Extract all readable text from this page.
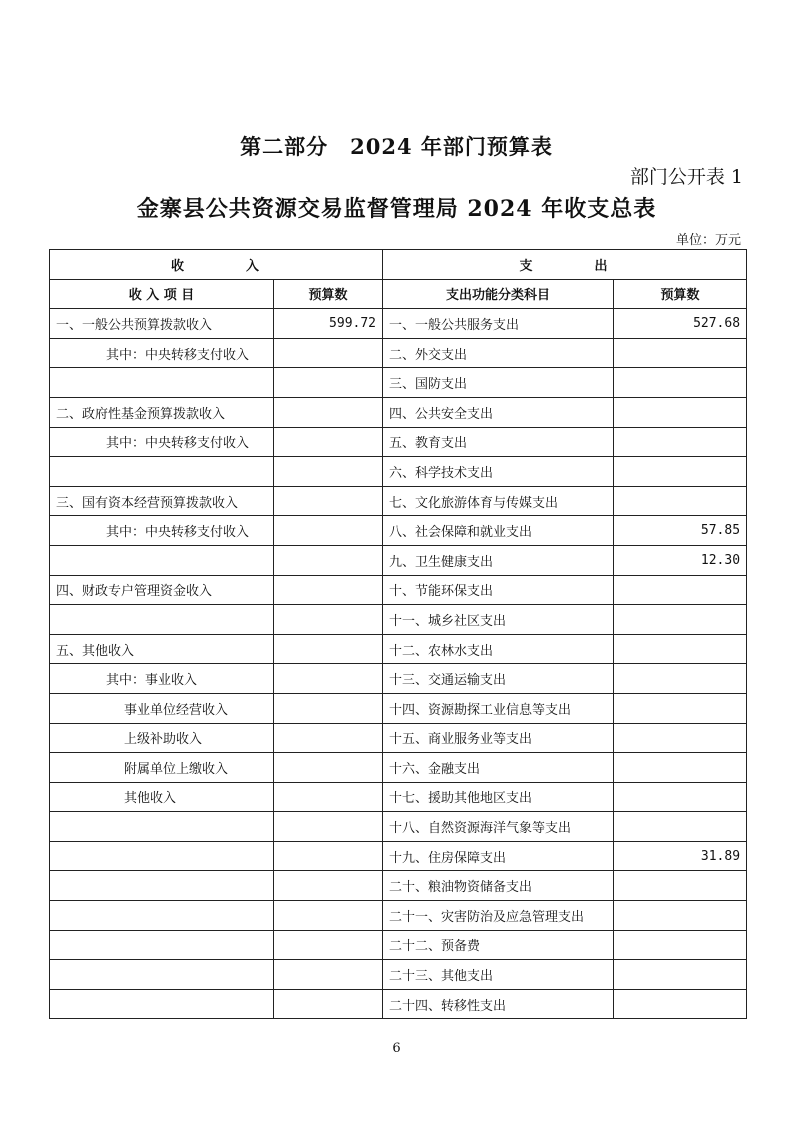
第二部分　2024 年部门预算表
部门公开表 1
金寨县公共资源交易监督管理局 2024 年收支总表
单位：万元
收　　　　入		支　　　　出	
收 入 项 目	预算数	支出功能分类科目	预算数
一、一般公共预算拨款收入	599.72	一、一般公共服务支出	527.68
其中：中央转移支付收入		二、外交支出	
		三、国防支出	
二、政府性基金预算拨款收入		四、公共安全支出	
其中：中央转移支付收入		五、教育支出	
		六、科学技术支出	
三、国有资本经营预算拨款收入		七、文化旅游体育与传媒支出	
其中：中央转移支付收入		八、社会保障和就业支出	57.85
		九、卫生健康支出	12.30
四、财政专户管理资金收入		十、节能环保支出	
		十一、城乡社区支出	
五、其他收入		十二、农林水支出	
其中：事业收入		十三、交通运输支出	
事业单位经营收入		十四、资源勘探工业信息等支出	
上级补助收入		十五、商业服务业等支出	
附属单位上缴收入		十六、金融支出	
其他收入		十七、援助其他地区支出	
		十八、自然资源海洋气象等支出	
		十九、住房保障支出	31.89
		二十、粮油物资储备支出	
		二十一、灾害防治及应急管理支出	
		二十二、预备费	
		二十三、其他支出	
		二十四、转移性支出	
6
